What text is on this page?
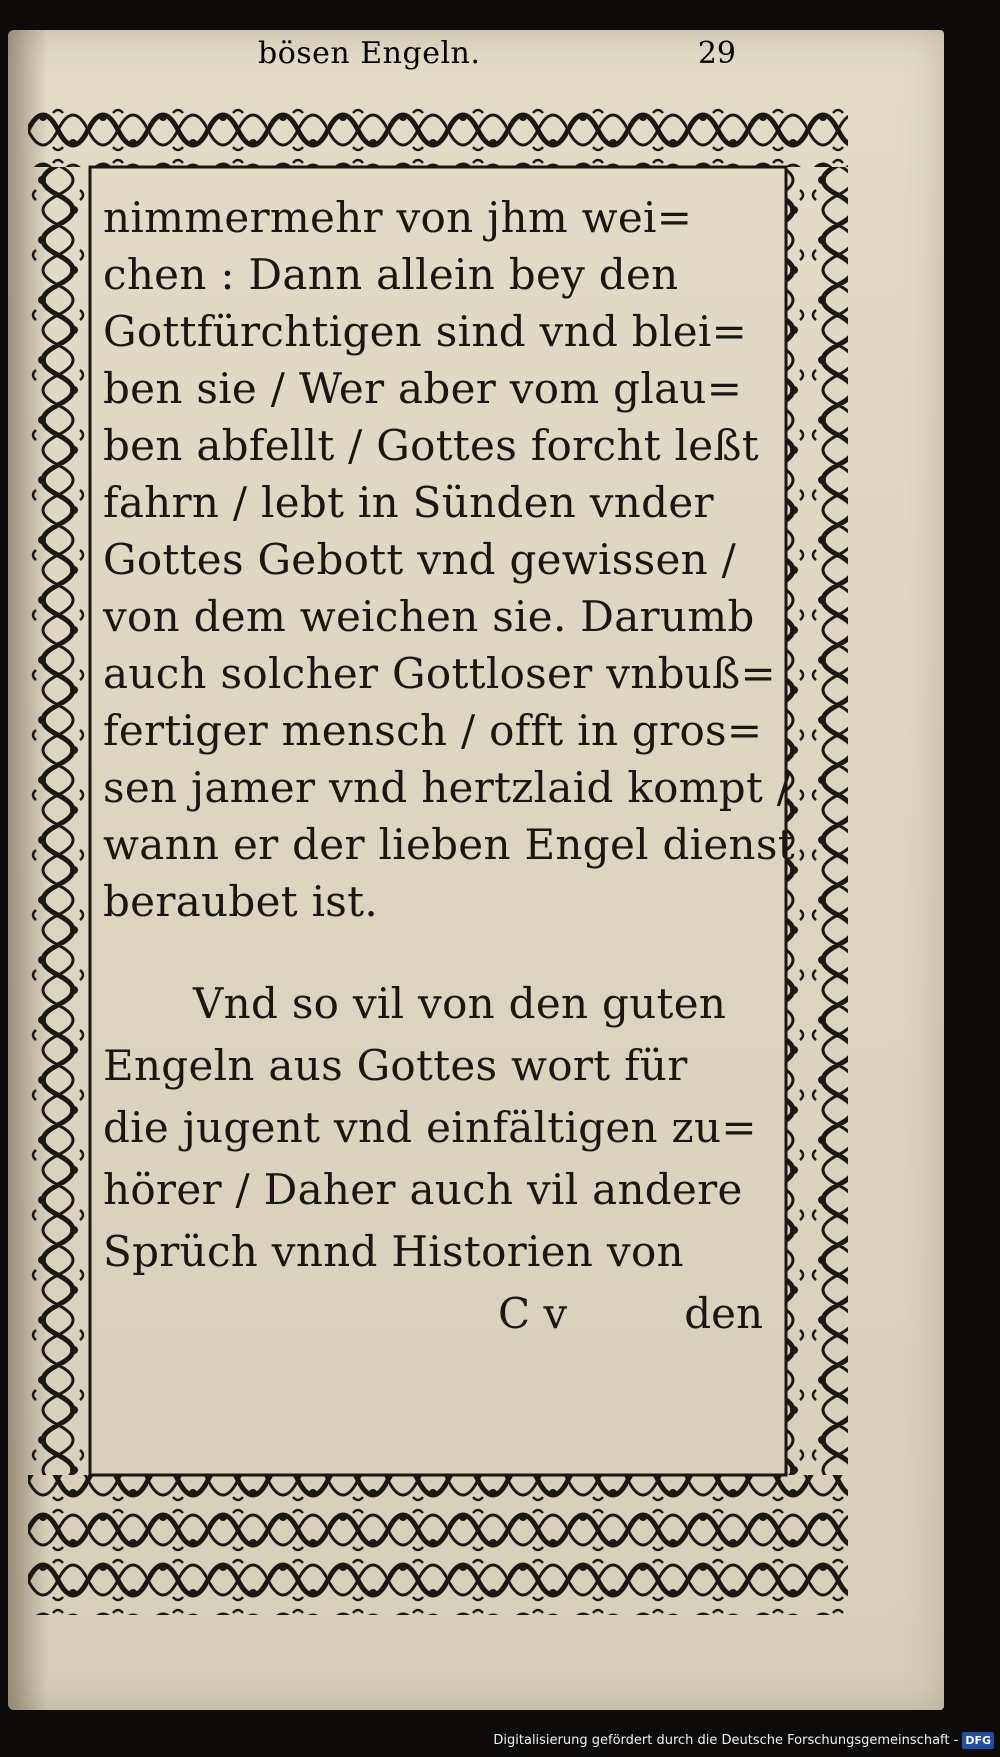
bösen Engeln.	29
nimmermehr von jhm wei=
chen : Dann allein bey den
Gottfürchtigen sind vnd blei=
ben sie / Wer aber vom glau=
ben abfellt / Gottes forcht leßt
fahrn / lebt in Sünden vnder
Gottes Gebott vnd gewissen /
von dem weichen sie. Darumb
auch solcher Gottloser vnbuß=
fertiger mensch / offt in gros=
sen jamer vnd hertzlaid kompt /
wann er der lieben Engel dienst
beraubet ist.
Vnd so vil von den guten
Engeln aus Gottes wort für
die jugent vnd einfältigen zu=
hörer / Daher auch vil andere
Sprüch vnnd Historien von
C v	den
Digitalisierung gefördert durch die Deutsche Forschungsgemeinschaft - DFG
